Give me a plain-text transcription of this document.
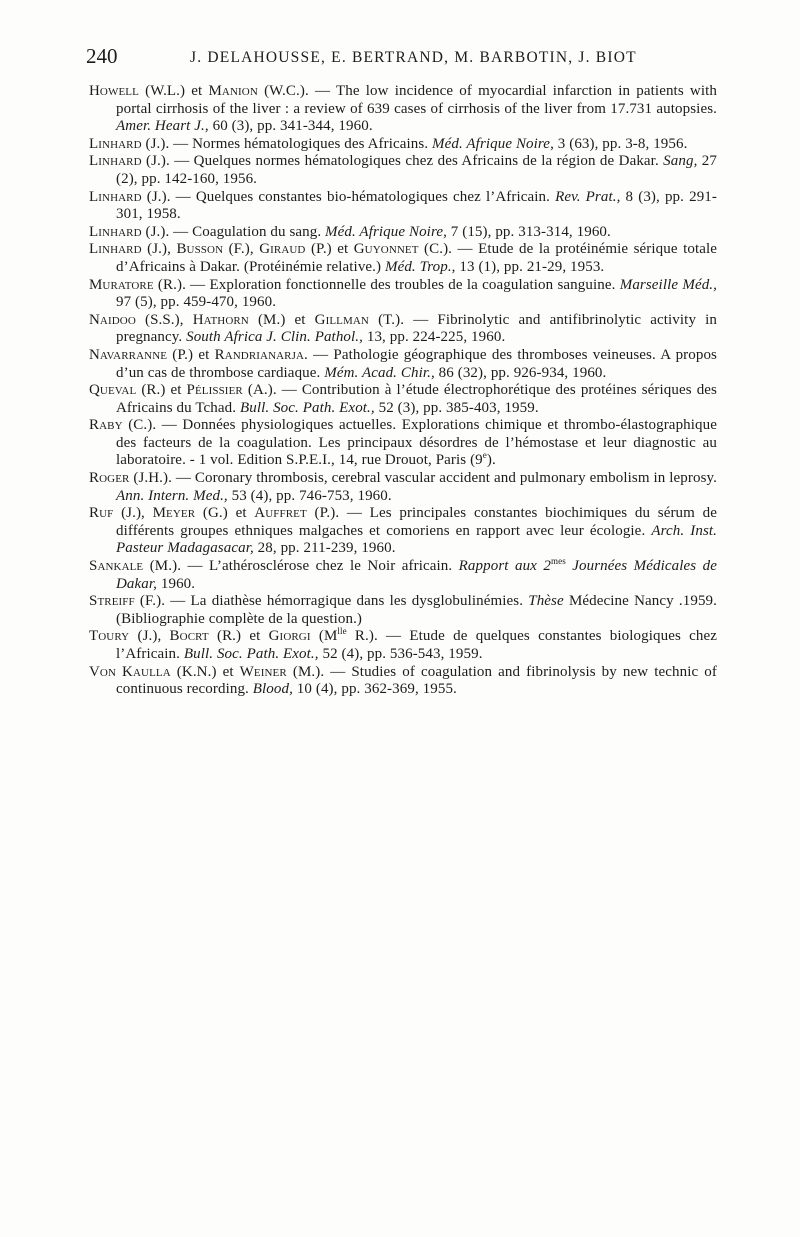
240	J. DELAHOUSSE, E. BERTRAND, M. BARBOTIN, J. BIOT

Howell (W.L.) et Manion (W.C.). — The low incidence of myocardial infarction in patients with portal cirrhosis of the liver : a review of 639 cases of cirrhosis of the liver from 17.731 autopsies. Amer. Heart J., 60 (3), pp. 341-344, 1960.

Linhard (J.). — Normes hématologiques des Africains. Méd. Afrique Noire, 3 (63), pp. 3-8, 1956.

Linhard (J.). — Quelques normes hématologiques chez des Africains de la région de Dakar. Sang, 27 (2), pp. 142-160, 1956.

Linhard (J.). — Quelques constantes bio-hématologiques chez l’Africain. Rev. Prat., 8 (3), pp. 291-301, 1958.

Linhard (J.). — Coagulation du sang. Méd. Afrique Noire, 7 (15), pp. 313-314, 1960.

Linhard (J.), Busson (F.), Giraud (P.) et Guyonnet (C.). — Etude de la protéinémie sérique totale d’Africains à Dakar. (Protéinémie relative.) Méd. Trop., 13 (1), pp. 21-29, 1953.

Muratore (R.). — Exploration fonctionnelle des troubles de la coagulation sanguine. Marseille Méd., 97 (5), pp. 459-470, 1960.

Naidoo (S.S.), Hathorn (M.) et Gillman (T.). — Fibrinolytic and antifibrinolytic activity in pregnancy. South Africa J. Clin. Pathol., 13, pp. 224-225, 1960.

Navarranne (P.) et Randrianarja. — Pathologie géographique des thromboses veineuses. A propos d’un cas de thrombose cardiaque. Mém. Acad. Chir., 86 (32), pp. 926-934, 1960.

Queval (R.) et Pélissier (A.). — Contribution à l’étude électrophorétique des protéines sériques des Africains du Tchad. Bull. Soc. Path. Exot., 52 (3), pp. 385-403, 1959.

Raby (C.). — Données physiologiques actuelles. Explorations chimique et thrombo-élastographique des facteurs de la coagulation. Les principaux désordres de l’hémostase et leur diagnostic au laboratoire. - 1 vol. Edition S.P.E.I., 14, rue Drouot, Paris (9e).

Roger (J.H.). — Coronary thrombosis, cerebral vascular accident and pulmonary embolism in leprosy. Ann. Intern. Med., 53 (4), pp. 746-753, 1960.

Ruf (J.), Meyer (G.) et Auffret (P.). — Les principales constantes biochimiques du sérum de différents groupes ethniques malgaches et comoriens en rapport avec leur écologie. Arch. Inst. Pasteur Madagasacar, 28, pp. 211-239, 1960.

Sankale (M.). — L’athérosclérose chez le Noir africain. Rapport aux $2^{mes}$ Journées Médicales de Dakar, 1960.

Streiff (F.). — La diathèse hémorragique dans les dysglobulinémies. Thèse Médecine Nancy .1959. (Bibliographie complète de la question.)

Toury (J.), Bocrt (R.) et Giorgi ($M^{lle}$ R.). — Etude de quelques constantes biologiques chez l’Africain. Bull. Soc. Path. Exot., 52 (4), pp. 536-543, 1959.

Von Kaulla (K.N.) et Weiner (M.). — Studies of coagulation and fibrinolysis by new technic of continuous recording. Blood, 10 (4), pp. 362-369, 1955.
